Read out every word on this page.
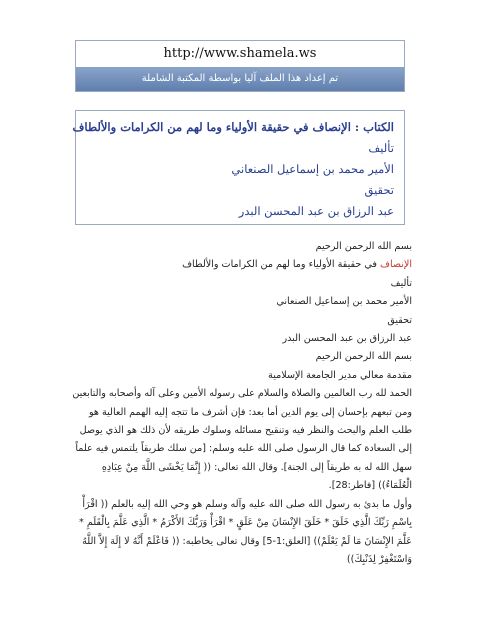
http://www.shamela.ws
تم إعداد هذا الملف آليا بواسطة المكتبة الشاملة
الكتاب : الإنصاف في حقيقة الأولياء وما لهم من الكرامات والألطاف
تأليف
الأمير محمد بن إسماعيل الصنعاني
تحقيق
عبد الرزاق بن عبد المحسن البدر

بسم الله الرحمن الرحيم

الإنصاف في حقيقة الأولياء وما لهم من الكرامات والألطاف

تأليف

الأمير محمد بن إسماعيل الصنعاني

تحقيق

عبد الرزاق بن عبد المحسن البدر

بسم الله الرحمن الرحيم

مقدمة معالي مدير الجامعة الإسلامية

الحمد لله رب العالمين والصلاة والسلام على رسوله الأمين وعلى آله وأصحابه والتابعين ومن تبعهم بإحسان إلى يوم الدين أما بعد: فإن أشرف ما تتجه إليه الهمم العالية هو طلب العلم والبحث والنظر فيه وتنقيح مسائله وسلوك طريقه لأن ذلك هو الذي يوصل إلى السعادة كما قال الرسول صلى الله عليه وسلم: [من سلك طريقاً يلتمس فيه علماً سهل الله له به طريقاً إلى الجنة]. وقال الله تعالى: (( إِنَّمَا يَخْشَى اللَّهَ مِنْ عِبَادِهِ الْعُلَمَاءُ)) [فاطر:28].

وأول ما بدئ به رسول الله صلى الله عليه وآله وسلم هو وحي الله إليه بالعلم (( اقْرَأْ بِاسْمِ رَبِّكَ الَّذِي خَلَقَ * خَلَقَ الإِنْسَانَ مِنْ عَلَقٍ * اقْرَأْ وَرَبُّكَ الأَكْرَمُ * الَّذِي عَلَّمَ بِالْقَلَمِ * عَلَّمَ الإِنْسَانَ مَا لَمْ يَعْلَمْ)) [العلق:1-5] وقال تعالى يخاطبه: (( فَاعْلَمْ أَنَّهُ لا إِلَهَ إِلاَّ اللَّهُ وَاسْتَغْفِرْ لِذَنْبِكَ))
